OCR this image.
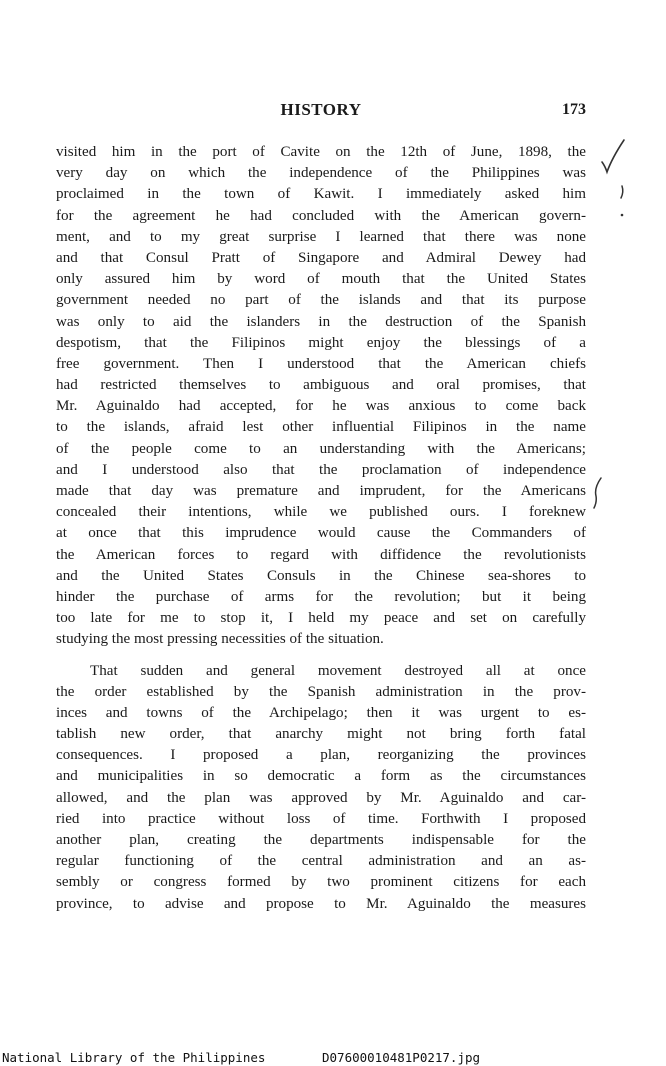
HISTORY	173
visited him in the port of Cavite on the 12th of June, 1898, the
very day on which the independence of the Philippines was
proclaimed in the town of Kawit. I immediately asked him
for the agreement he had concluded with the American govern-
ment, and to my great surprise I learned that there was none
and that Consul Pratt of Singapore and Admiral Dewey had
only assured him by word of mouth that the United States
government needed no part of the islands and that its purpose
was only to aid the islanders in the destruction of the Spanish
despotism, that the Filipinos might enjoy the blessings of a
free government. Then I understood that the American chiefs
had restricted themselves to ambiguous and oral promises, that
Mr. Aguinaldo had accepted, for he was anxious to come back
to the islands, afraid lest other influential Filipinos in the name
of the people come to an understanding with the Americans;
and I understood also that the proclamation of independence
made that day was premature and imprudent, for the Americans
concealed their intentions, while we published ours. I foreknew
at once that this imprudence would cause the Commanders of
the American forces to regard with diffidence the revolutionists
and the United States Consuls in the Chinese sea-shores to
hinder the purchase of arms for the revolution; but it being
too late for me to stop it, I held my peace and set on carefully
studying the most pressing necessities of the situation.
That sudden and general movement destroyed all at once
the order established by the Spanish administration in the prov-
inces and towns of the Archipelago; then it was urgent to es-
tablish new order, that anarchy might not bring forth fatal
consequences. I proposed a plan, reorganizing the provinces
and municipalities in so democratic a form as the circumstances
allowed, and the plan was approved by Mr. Aguinaldo and car-
ried into practice without loss of time. Forthwith I proposed
another plan, creating the departments indispensable for the
regular functioning of the central administration and an as-
sembly or congress formed by two prominent citizens for each
province, to advise and propose to Mr. Aguinaldo the measures
National Library of the Philippines	D07600010481P0217.jpg
